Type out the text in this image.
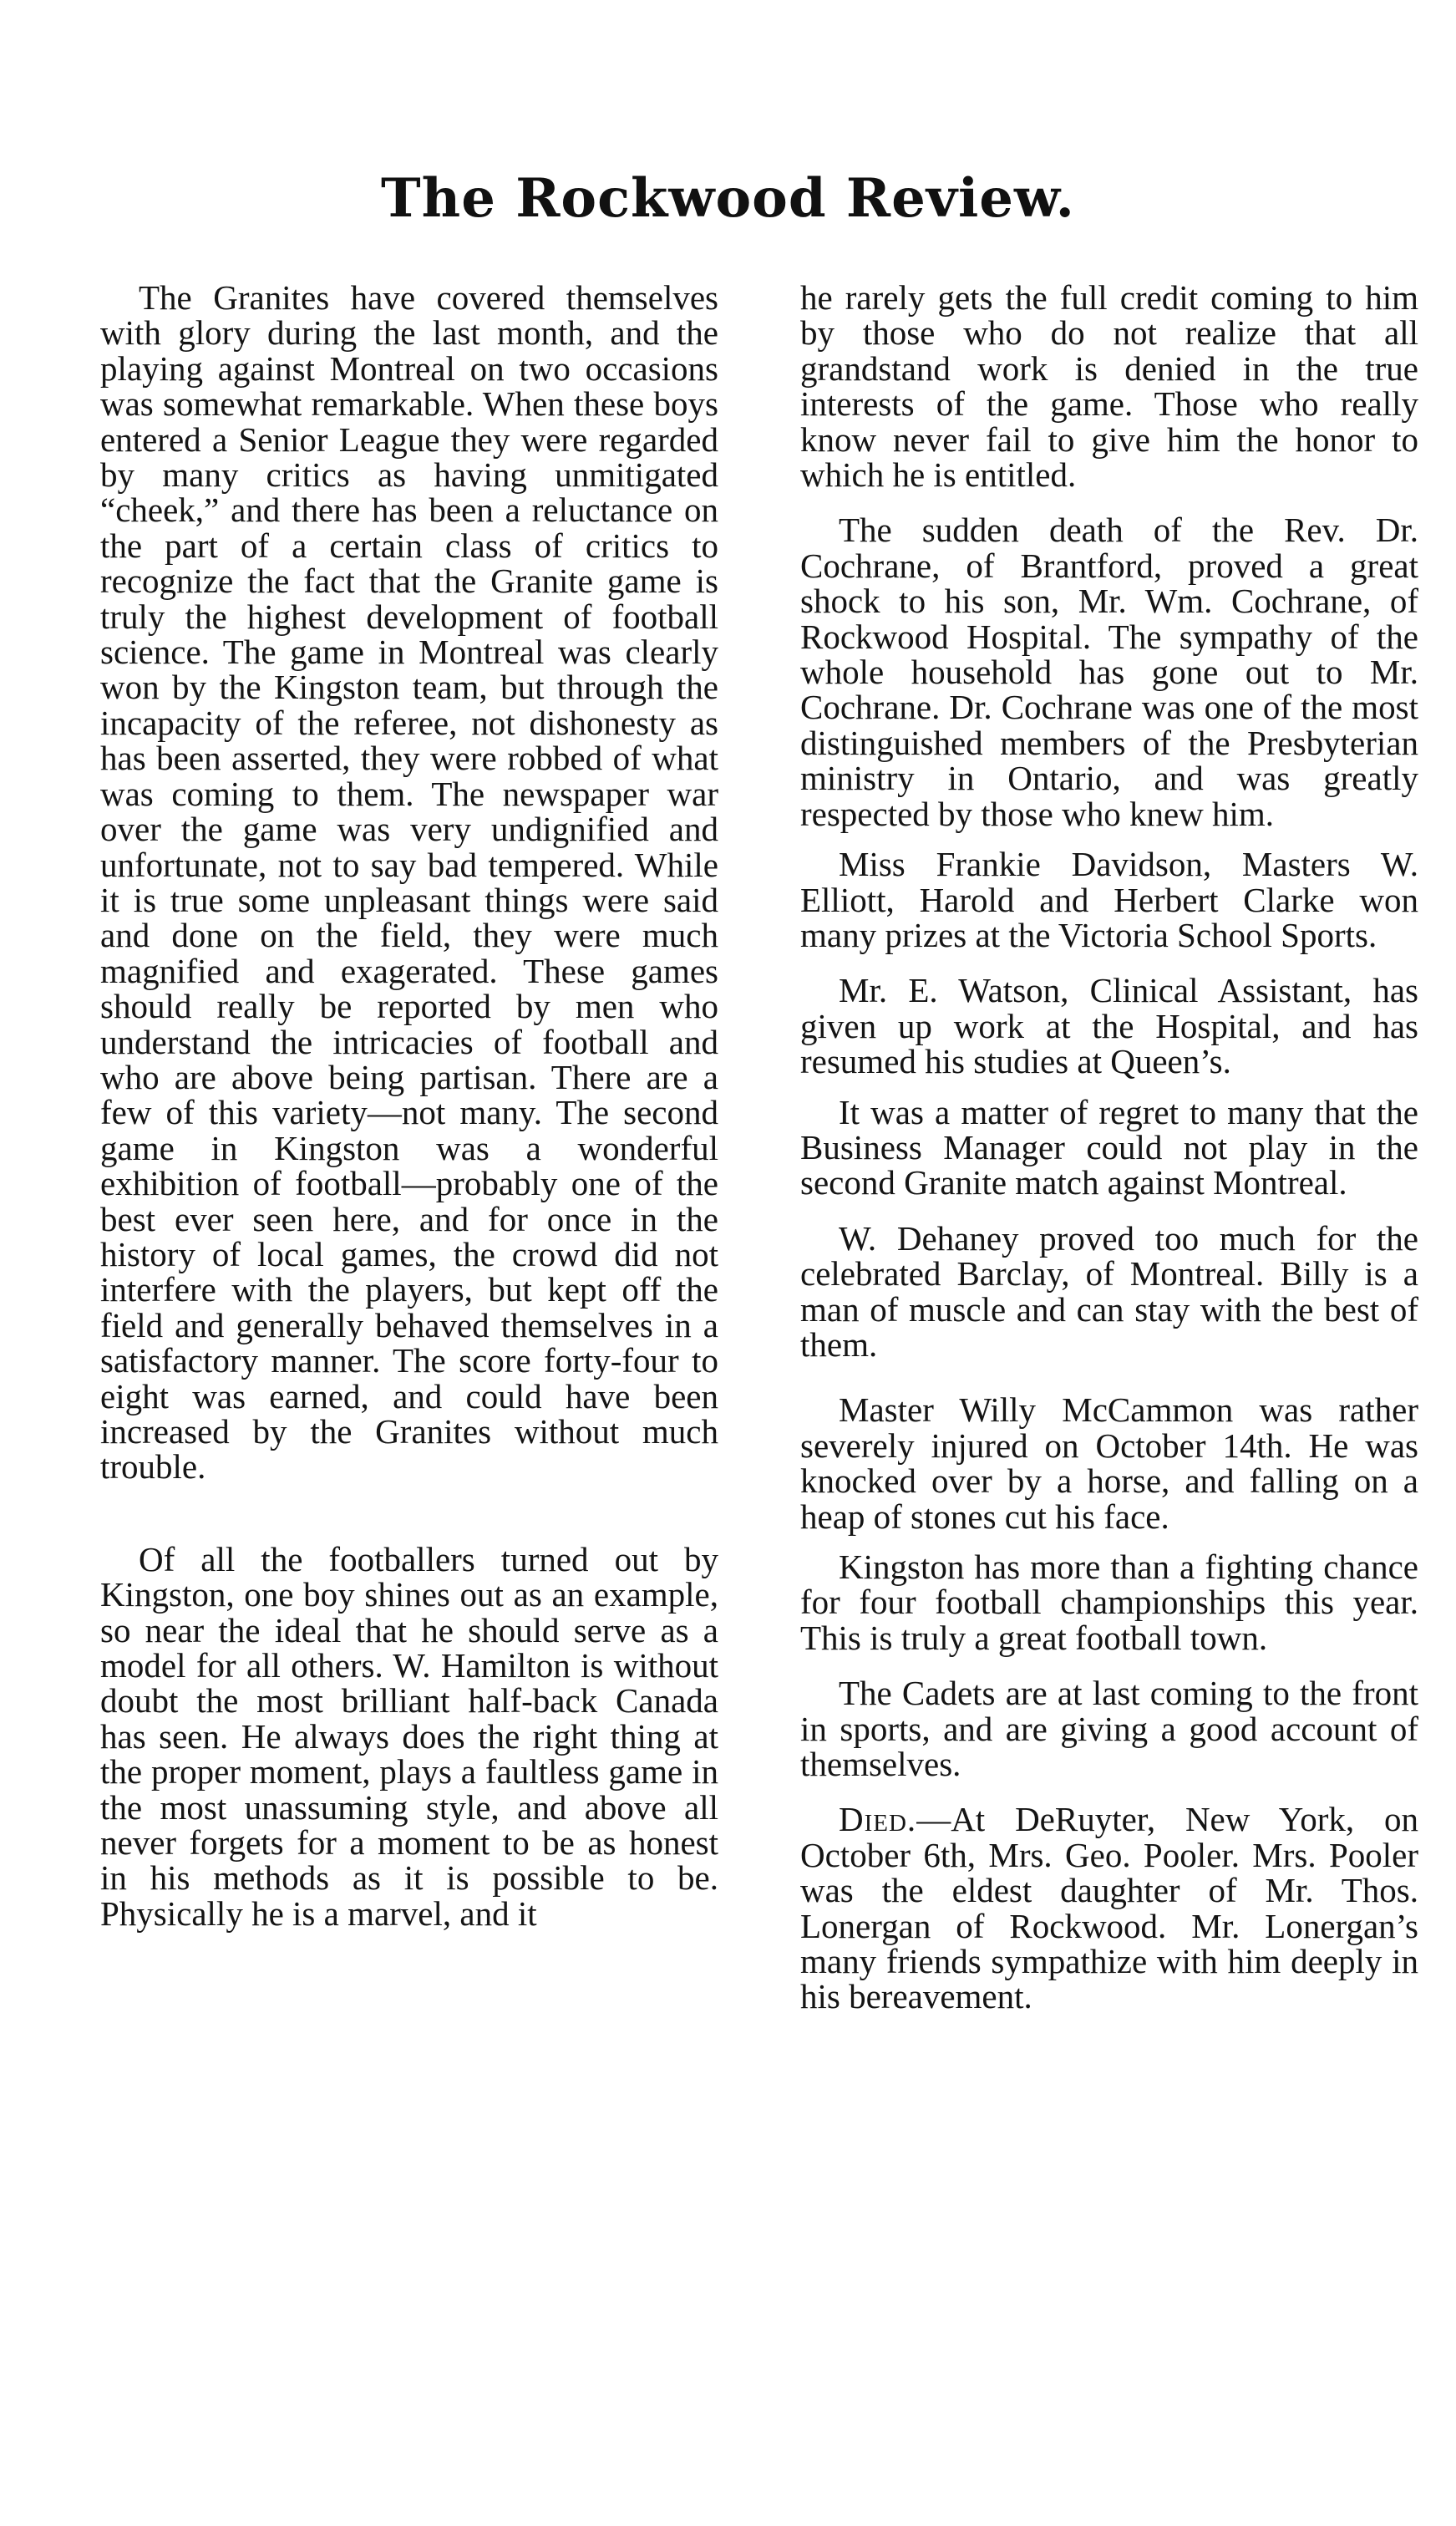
The Rockwood Review.

The Granites have covered themselves with glory during the last month, and the playing against Montreal on two occasions was somewhat remarkable. When these boys entered a Senior League they were regarded by many critics as having unmitigated “cheek,” and there has been a reluctance on the part of a certain class of critics to recognize the fact that the Granite game is truly the highest development of football science. The game in Montreal was clearly won by the Kingston team, but through the incapacity of the referee, not dishonesty as has been asserted, they were robbed of what was coming to them. The newspaper war over the game was very undignified and unfortunate, not to say bad tempered. While it is true some unpleasant things were said and done on the field, they were much magnified and exagerated. These games should really be reported by men who understand the intricacies of football and who are above being partisan. There are a few of this variety—not many. The second game in Kingston was a wonderful exhibition of football—probably one of the best ever seen here, and for once in the history of local games, the crowd did not interfere with the players, but kept off the field and generally behaved themselves in a satisfactory manner. The score forty-four to eight was earned, and could have been increased by the Granites without much trouble.

Of all the footballers turned out by Kingston, one boy shines out as an example, so near the ideal that he should serve as a model for all others. W. Hamilton is without doubt the most brilliant half-back Canada has seen. He always does the right thing at the proper moment, plays a faultless game in the most unassuming style, and above all never forgets for a moment to be as honest in his methods as it is possible to be. Physically he is a marvel, and it

he rarely gets the full credit coming to him by those who do not realize that all grandstand work is denied in the true interests of the game. Those who really know never fail to give him the honor to which he is entitled.

The sudden death of the Rev. Dr. Cochrane, of Brantford, proved a great shock to his son, Mr. Wm. Cochrane, of Rockwood Hospital. The sympathy of the whole household has gone out to Mr. Cochrane. Dr. Cochrane was one of the most distinguished members of the Presbyterian ministry in Ontario, and was greatly respected by those who knew him.

Miss Frankie Davidson, Masters W. Elliott, Harold and Herbert Clarke won many prizes at the Victoria School Sports.

Mr. E. Watson, Clinical Assistant, has given up work at the Hospital, and has resumed his studies at Queen’s.

It was a matter of regret to many that the Business Manager could not play in the second Granite match against Montreal.

W. Dehaney proved too much for the celebrated Barclay, of Montreal. Billy is a man of muscle and can stay with the best of them.

Master Willy McCammon was rather severely injured on October 14th. He was knocked over by a horse, and falling on a heap of stones cut his face.

Kingston has more than a fighting chance for four football championships this year. This is truly a great football town.

The Cadets are at last coming to the front in sports, and are giving a good account of themselves.

Died.—At DeRuyter, New York, on October 6th, Mrs. Geo. Pooler. Mrs. Pooler was the eldest daughter of Mr. Thos. Lonergan of Rockwood. Mr. Lonergan’s many friends sympathize with him deeply in his bereavement.
